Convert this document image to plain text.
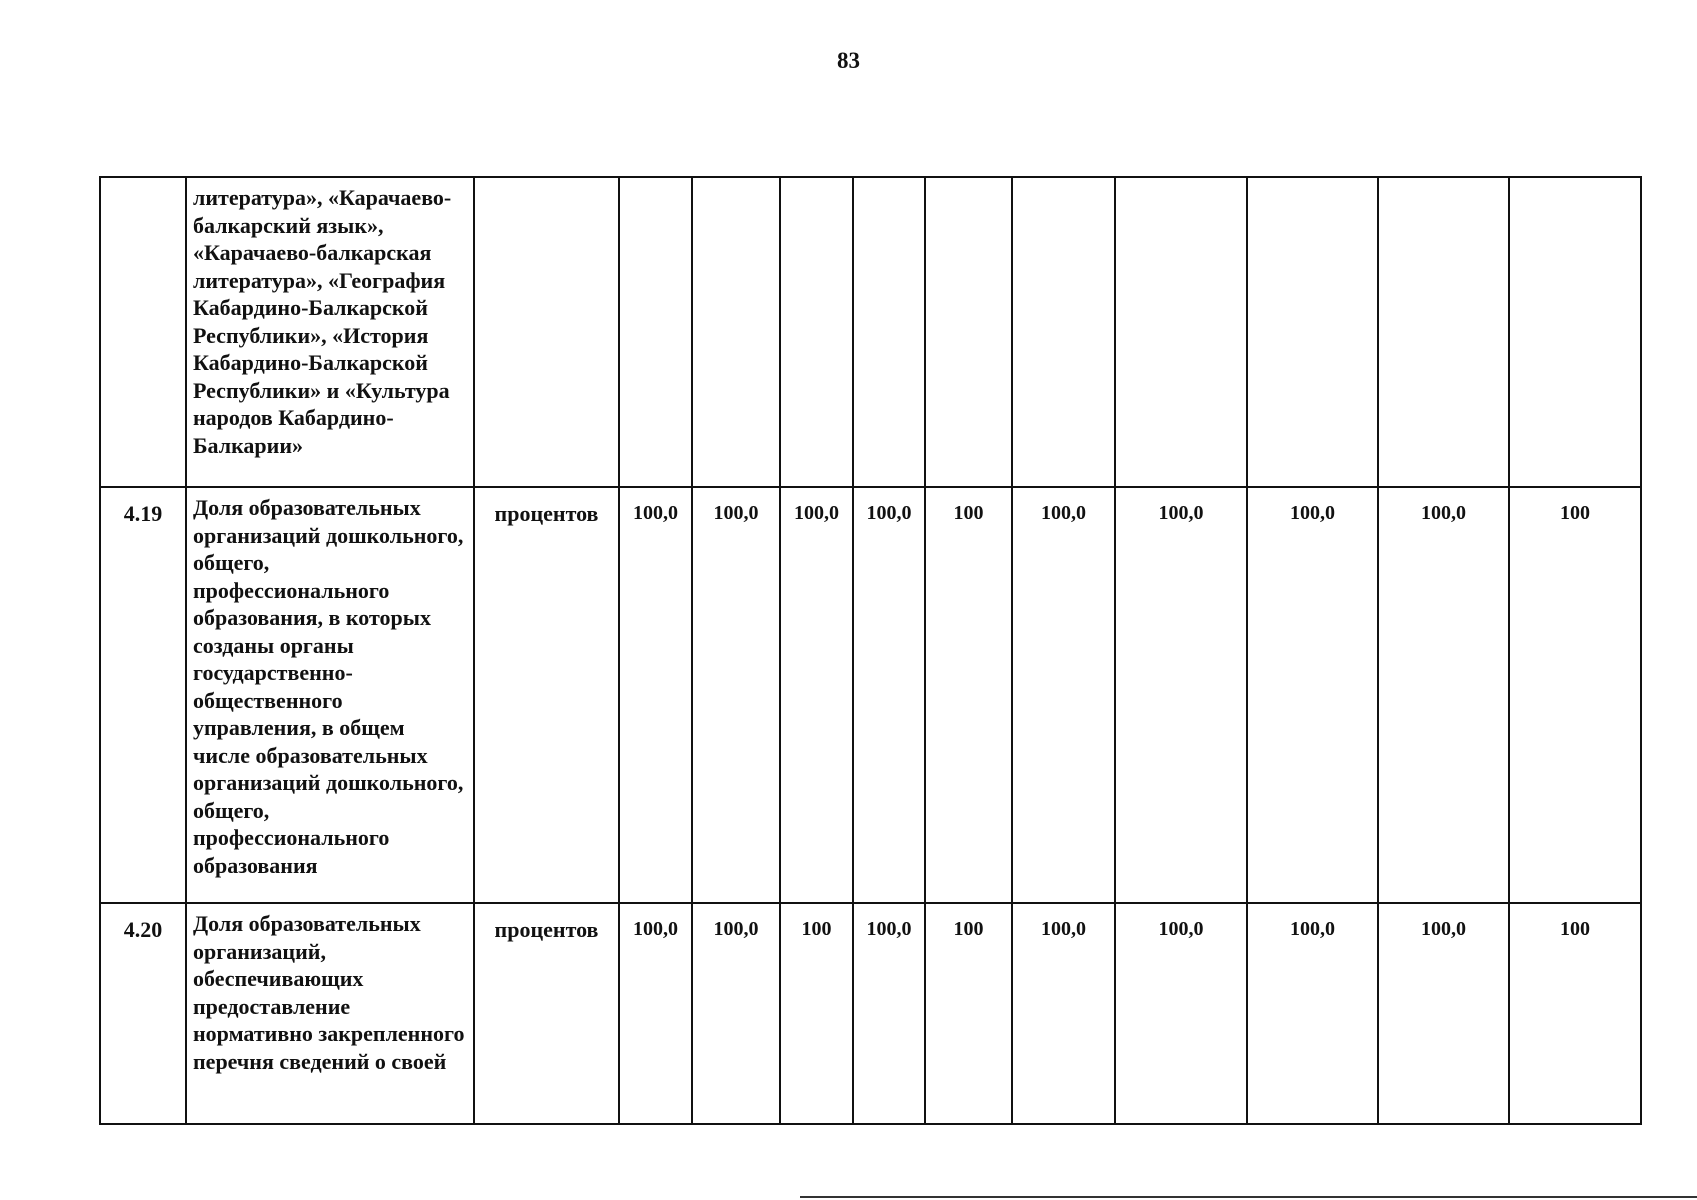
83
	литература», «Карачаево-балкарский язык», «Карачаево-балкарская литература», «География Кабардино-Балкарской Республики», «История Кабардино-Балкарской Республики» и «Культура народов Кабардино-Балкарии»											
4.19	Доля образовательных организаций дошкольного, общего, профессионального образования, в которых созданы органы государственно-общественного управления, в общем числе образовательных организаций дошкольного, общего, профессионального образования	процентов	100,0	100,0	100,0	100,0	100	100,0	100,0	100,0	100,0	100
4.20	Доля образовательных организаций, обеспечивающих предоставление нормативно закрепленного перечня сведений о своей	процентов	100,0	100,0	100	100,0	100	100,0	100,0	100,0	100,0	100
